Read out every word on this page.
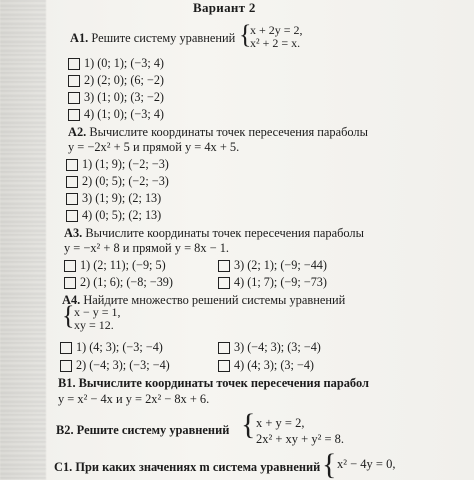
Вариант 2
А1. Решите систему уравнений {
x + 2y = 2,
x² + 2 = x.
1) (0; 1); (−3; 4)
2) (2; 0); (6; −2)
3) (1; 0); (3; −2)
4) (1; 0); (−3; 4)
А2. Вычислите координаты точек пересечения параболы
y = −2x² + 5 и прямой y = 4x + 5.
1) (1; 9); (−2; −3)
2) (0; 5); (−2; −3)
3) (1; 9); (2; 13)
4) (0; 5); (2; 13)
А3. Вычислите координаты точек пересечения параболы
y = −x² + 8 и прямой y = 8x − 1.
1) (2; 11); (−9; 5)	3) (2; 1); (−9; −44)
2) (1; 6); (−8; −39)	4) (1; 7); (−9; −73)
А4. Найдите множество решений системы уравнений
{ x − y = 1,
xy = 12.
1) (4; 3); (−3; −4)	3) (−4; 3); (3; −4)
2) (−4; 3); (−3; −4)	4) (4; 3); (3; −4)
В1. Вычислите координаты точек пересечения парабол
y = x² − 4x и y = 2x² − 8x + 6.
В2. Решите систему уравнений { x + y = 2,
2x² + xy + y² = 8.
С1. При каких значениях m система уравнений { x² − 4y = 0,
